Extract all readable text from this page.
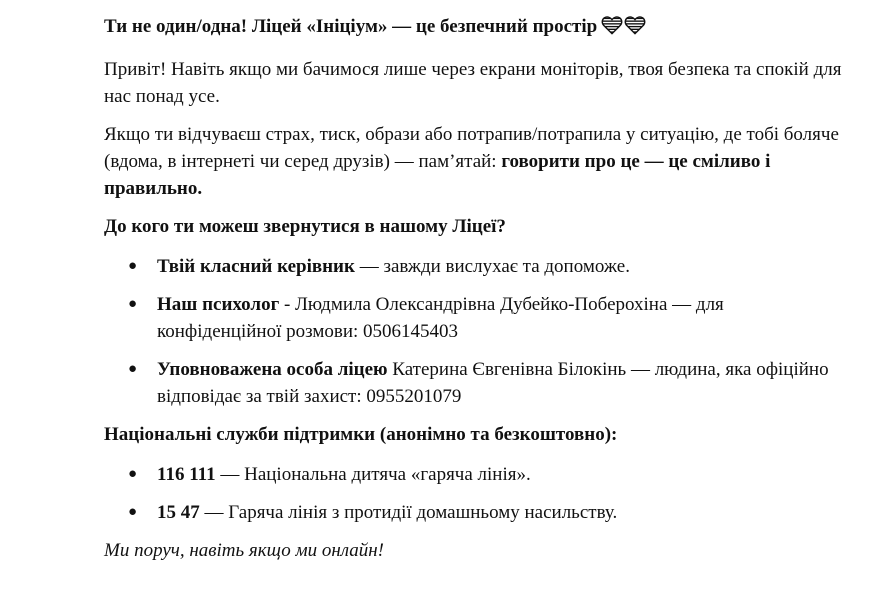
Ти не один/одна! Ліцей «Ініціум» — це безпечний простір

Привіт! Навіть якщо ми бачимося лише через екрани моніторів, твоя безпека та спокій для нас понад усе.

Якщо ти відчуваєш страх, тиск, образи або потрапив/потрапила у ситуацію, де тобі боляче (вдома, в інтернеті чи серед друзів) — пам’ятай: говорити про це — це сміливо і правильно.

До кого ти можеш звернутися в нашому Ліцеї?

● Твій класний керівник — завжди вислухає та допоможе.
● Наш психолог - Людмила Олександрівна Дубейко-Поберохіна — для конфіденційної розмови: 0506145403
● Уповноважена особа ліцею Катерина Євгенівна Білокінь — людина, яка офіційно відповідає за твій захист: 0955201079

Національні служби підтримки (анонімно та безкоштовно):

● 116 111 — Національна дитяча «гаряча лінія».
● 15 47 — Гаряча лінія з протидії домашньому насильству.

Ми поруч, навіть якщо ми онлайн!
